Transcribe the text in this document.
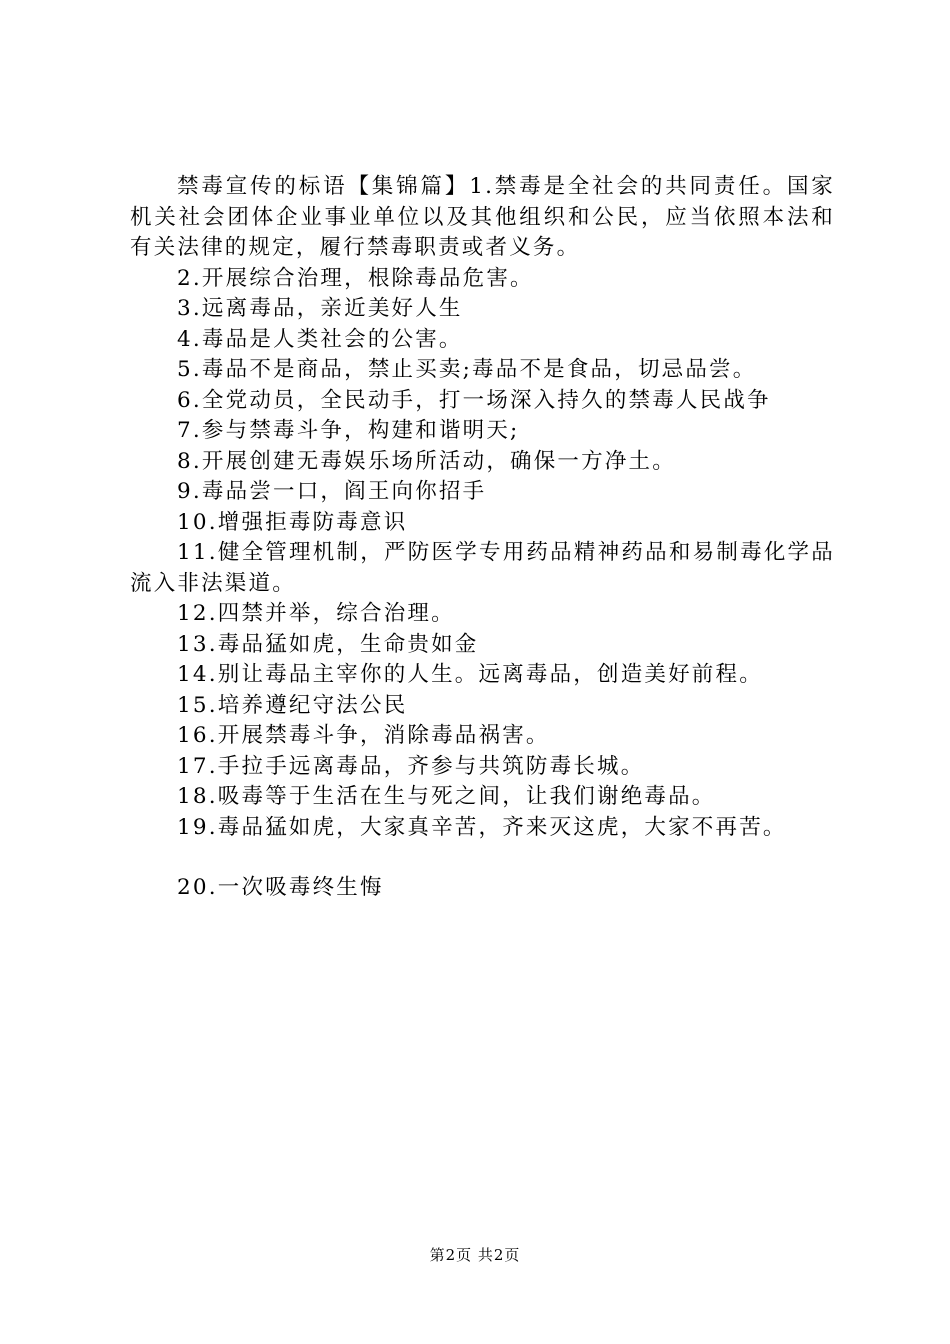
禁毒宣传的标语【集锦篇】1.禁毒是全社会的共同责任。国家机关社会团体企业事业单位以及其他组织和公民，应当依照本法和有关法律的规定，履行禁毒职责或者义务。

2.开展综合治理，根除毒品危害。

3.远离毒品，亲近美好人生

4.毒品是人类社会的公害。

5.毒品不是商品，禁止买卖;毒品不是食品，切忌品尝。

6.全党动员，全民动手，打一场深入持久的禁毒人民战争

7.参与禁毒斗争，构建和谐明天;

8.开展创建无毒娱乐场所活动，确保一方净土。

9.毒品尝一口，阎王向你招手

10.增强拒毒防毒意识

11.健全管理机制，严防医学专用药品精神药品和易制毒化学品流入非法渠道。

12.四禁并举，综合治理。

13.毒品猛如虎，生命贵如金

14.别让毒品主宰你的人生。远离毒品，创造美好前程。

15.培养遵纪守法公民

16.开展禁毒斗争，消除毒品祸害。

17.手拉手远离毒品，齐参与共筑防毒长城。

18.吸毒等于生活在生与死之间，让我们谢绝毒品。

19.毒品猛如虎，大家真辛苦，齐来灭这虎，大家不再苦。

20.一次吸毒终生悔

第2页 共2页
